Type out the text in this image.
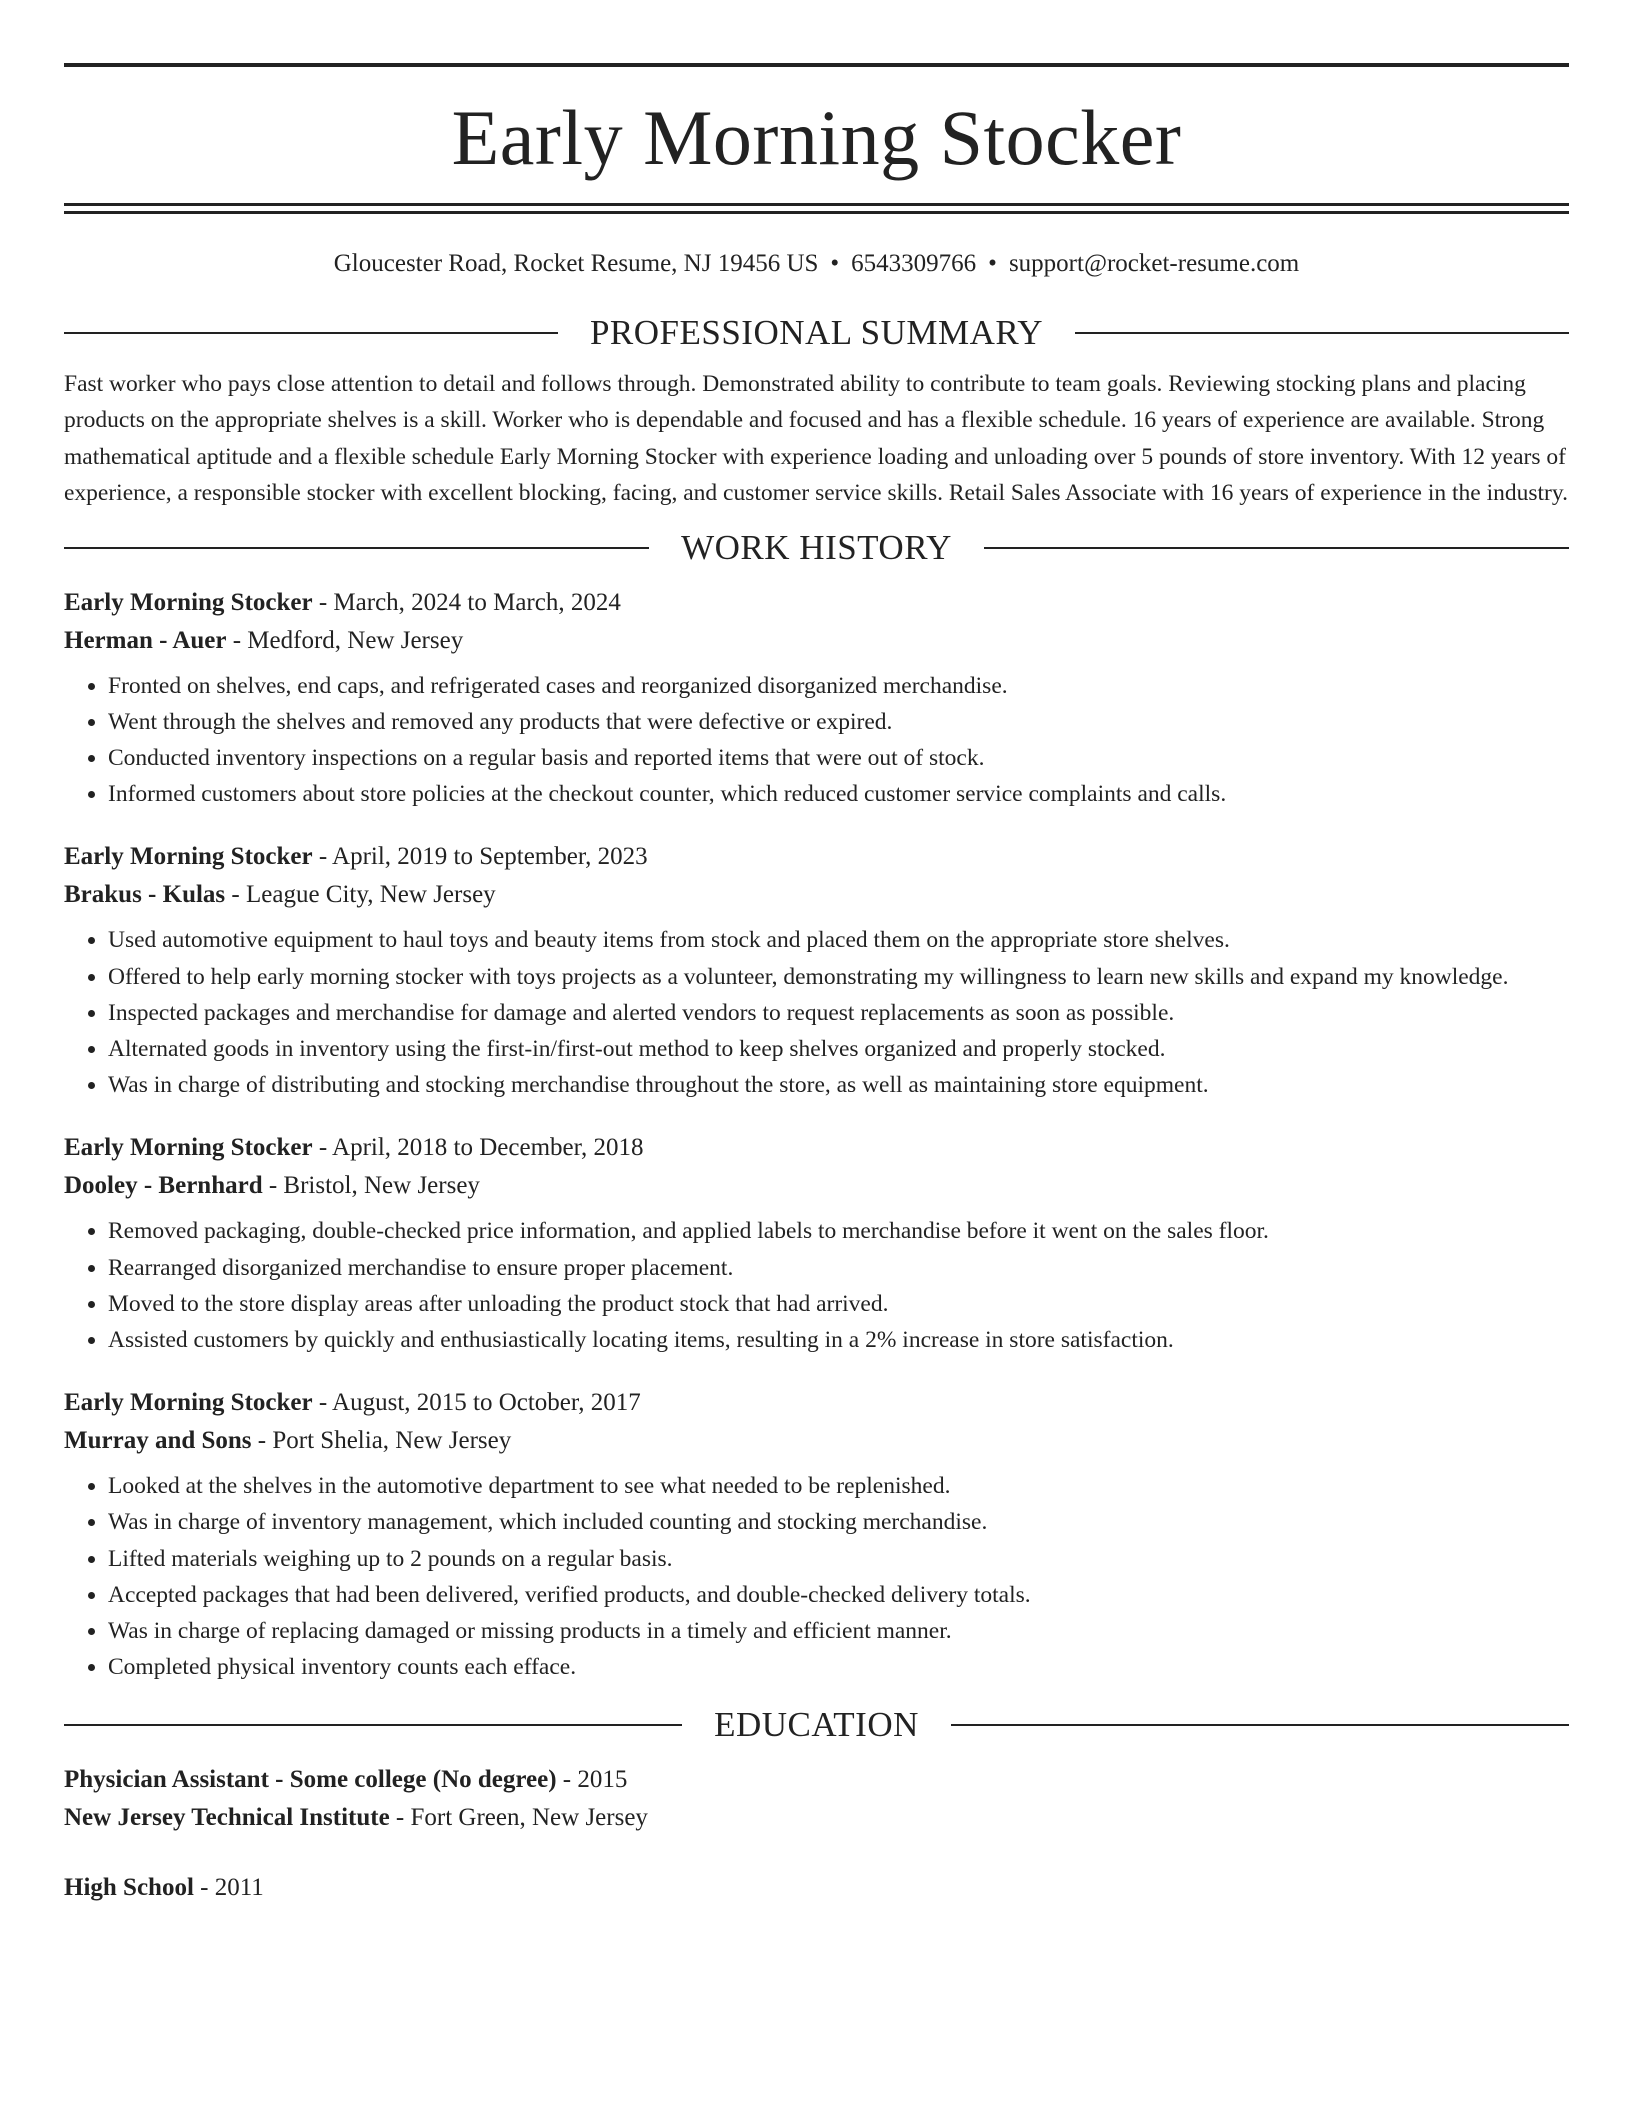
Early Morning Stocker
Gloucester Road, Rocket Resume, NJ 19456 US • 6543309766 • support@rocket-resume.com
PROFESSIONAL SUMMARY

Fast worker who pays close attention to detail and follows through. Demonstrated ability to contribute to team goals. Reviewing stocking plans and placing products on the appropriate shelves is a skill. Worker who is dependable and focused and has a flexible schedule. 16 years of experience are available. Strong mathematical aptitude and a flexible schedule Early Morning Stocker with experience loading and unloading over 5 pounds of store inventory. With 12 years of experience, a responsible stocker with excellent blocking, facing, and customer service skills. Retail Sales Associate with 16 years of experience in the industry.

WORK HISTORY
Early Morning Stocker - March, 2024 to March, 2024
Herman - Auer - Medford, New Jersey
• Fronted on shelves, end caps, and refrigerated cases and reorganized disorganized merchandise.
• Went through the shelves and removed any products that were defective or expired.
• Conducted inventory inspections on a regular basis and reported items that were out of stock.
• Informed customers about store policies at the checkout counter, which reduced customer service complaints and calls.
Early Morning Stocker - April, 2019 to September, 2023
Brakus - Kulas - League City, New Jersey
• Used automotive equipment to haul toys and beauty items from stock and placed them on the appropriate store shelves.
• Offered to help early morning stocker with toys projects as a volunteer, demonstrating my willingness to learn new skills and expand my knowledge.
• Inspected packages and merchandise for damage and alerted vendors to request replacements as soon as possible.
• Alternated goods in inventory using the first-in/first-out method to keep shelves organized and properly stocked.
• Was in charge of distributing and stocking merchandise throughout the store, as well as maintaining store equipment.
Early Morning Stocker - April, 2018 to December, 2018
Dooley - Bernhard - Bristol, New Jersey
• Removed packaging, double-checked price information, and applied labels to merchandise before it went on the sales floor.
• Rearranged disorganized merchandise to ensure proper placement.
• Moved to the store display areas after unloading the product stock that had arrived.
• Assisted customers by quickly and enthusiastically locating items, resulting in a 2% increase in store satisfaction.
Early Morning Stocker - August, 2015 to October, 2017
Murray and Sons - Port Shelia, New Jersey
• Looked at the shelves in the automotive department to see what needed to be replenished.
• Was in charge of inventory management, which included counting and stocking merchandise.
• Lifted materials weighing up to 2 pounds on a regular basis.
• Accepted packages that had been delivered, verified products, and double-checked delivery totals.
• Was in charge of replacing damaged or missing products in a timely and efficient manner.
• Completed physical inventory counts each efface.
EDUCATION
Physician Assistant - Some college (No degree) - 2015
New Jersey Technical Institute - Fort Green, New Jersey
High School - 2011
